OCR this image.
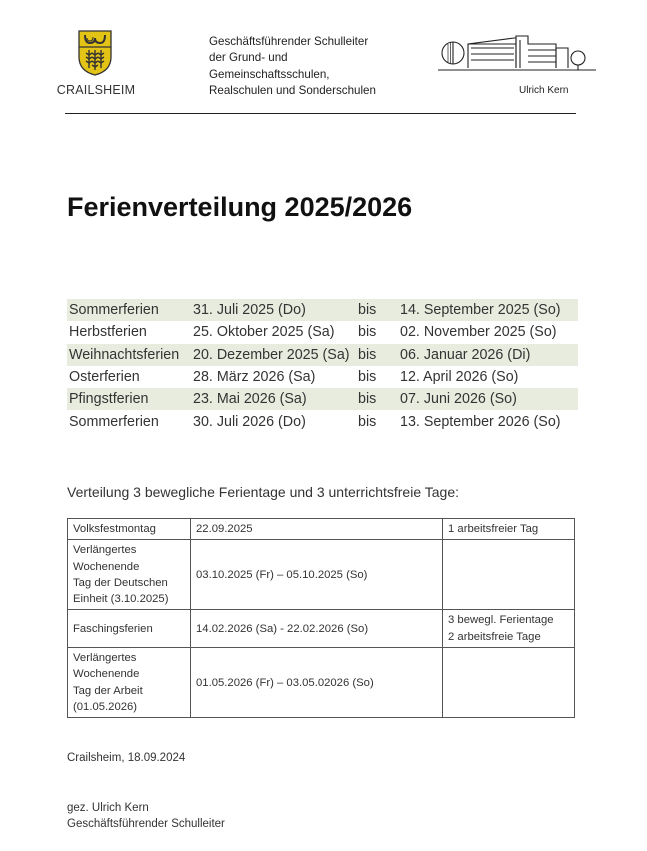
CRAILSHEIM
Geschäftsführender Schulleiter
der Grund- und
Gemeinschaftsschulen,
Realschulen und Sonderschulen	Ulrich Kern
Ferienverteilung 2025/2026
Sommerferien	31. Juli 2025 (Do)	bis	14. September 2025 (So)
Herbstferien	25. Oktober 2025 (Sa)	bis	02. November 2025 (So)
Weihnachtsferien	20. Dezember 2025 (Sa)	bis	06. Januar 2026 (Di)
Osterferien	28. März 2026 (Sa)	bis	12. April 2026 (So)
Pfingstferien	23. Mai 2026 (Sa)	bis	07. Juni 2026 (So)
Sommerferien	30. Juli 2026 (Do)	bis	13. September 2026 (So)
Verteilung 3 bewegliche Ferientage und 3 unterrichtsfreie Tage:
Volksfestmontag	22.09.2025	1 arbeitsfreier Tag

Verlängertes
Wochenende
Tag der Deutschen
Einheit (3.10.2025)	03.10.2025 (Fr) – 05.10.2025 (So)	

Faschingsferien	14.02.2026 (Sa) - 22.02.2026 (So)	3 bewegl. Ferientage
2 arbeitsfreie Tage

Verlängertes
Wochenende
Tag der Arbeit
(01.05.2026)	01.05.2026 (Fr) – 03.05.02026 (So)	
Crailsheim, 18.09.2024
gez. Ulrich Kern
Geschäftsführender Schulleiter
